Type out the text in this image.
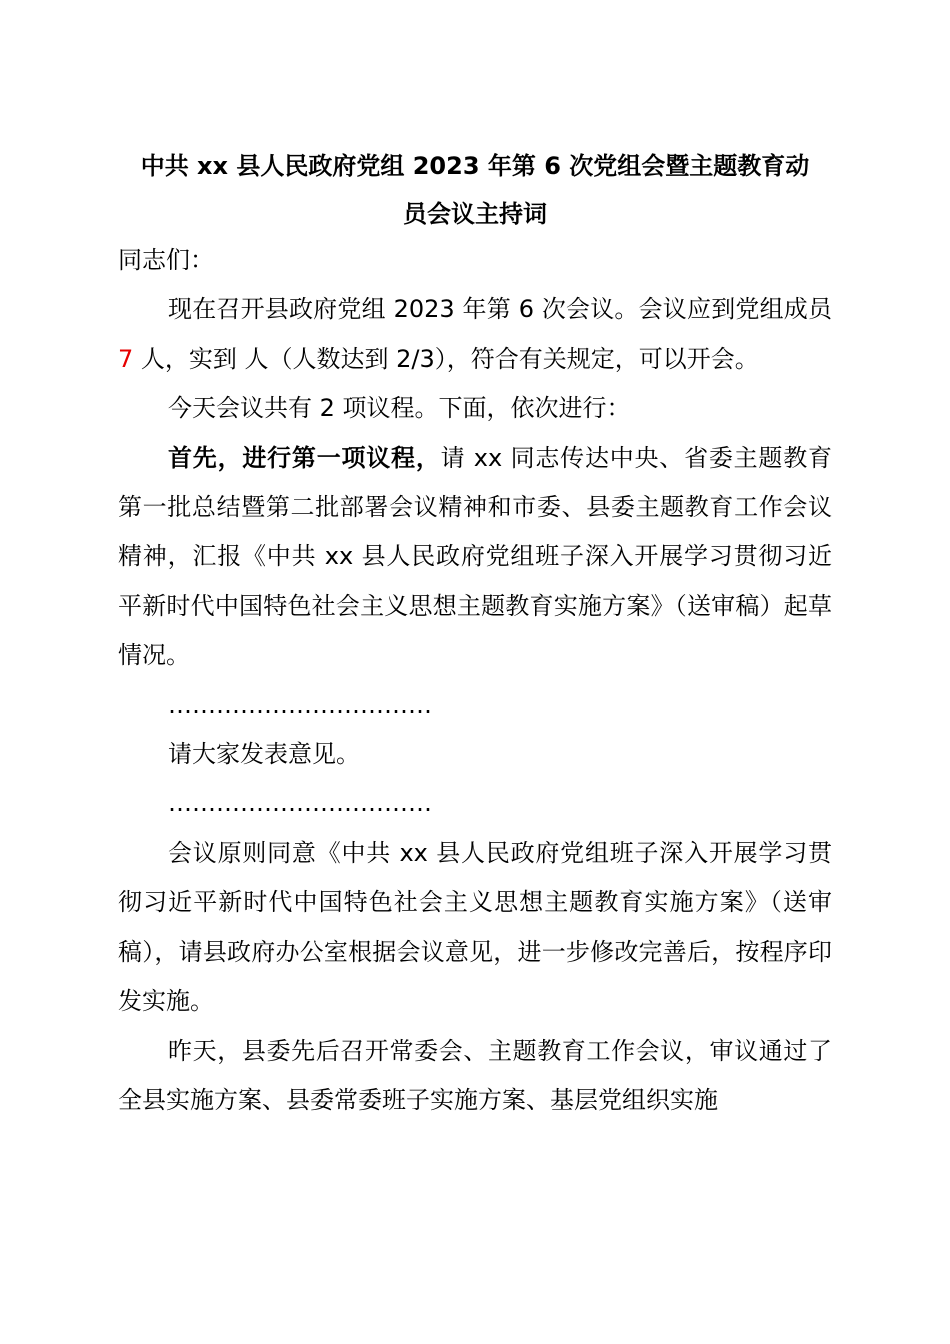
中共 xx 县人民政府党组 2023 年第 6 次党组会暨主题教育动
员会议主持词

同志们：

现在召开县政府党组 2023 年第 6 次会议。会议应到党组成员 7 人，实到 人（人数达到 2/3），符合有关规定，可以开会。

今天会议共有 2 项议程。下面，依次进行：

首先，进行第一项议程，请 xx 同志传达中央、省委主题教育第一批总结暨第二批部署会议精神和市委、县委主题教育工作会议精神，汇报《中共 xx 县人民政府党组班子深入开展学习贯彻习近平新时代中国特色社会主义思想主题教育实施方案》（送审稿）起草情况。

……………………………

请大家发表意见。

……………………………

会议原则同意《中共 xx 县人民政府党组班子深入开展学习贯彻习近平新时代中国特色社会主义思想主题教育实施方案》（送审稿），请县政府办公室根据会议意见，进一步修改完善后，按程序印发实施。

昨天，县委先后召开常委会、主题教育工作会议，审议通过了全县实施方案、县委常委班子实施方案、基层党组织实施
